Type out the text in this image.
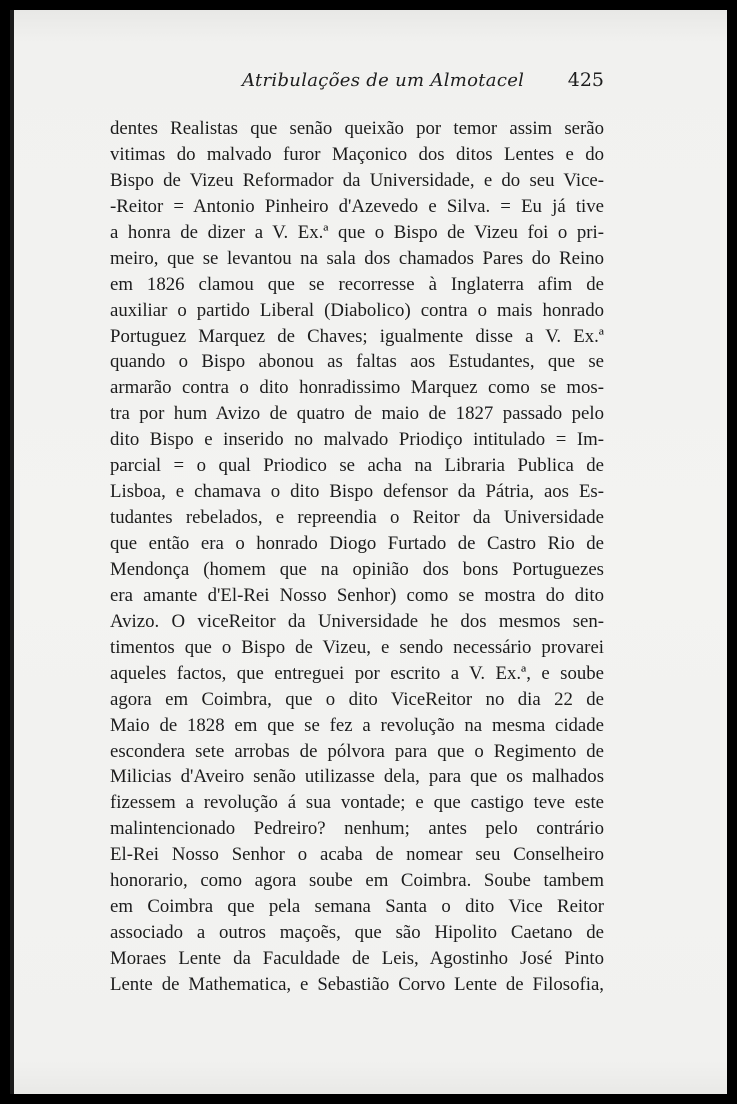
Atribulações de um Almotacel 425
dentes Realistas que senão queixão por temor assim serão
vitimas do malvado furor Maçonico dos ditos Lentes e do
Bispo de Vizeu Reformador da Universidade, e do seu Vice-
-Reitor = Antonio Pinheiro d'Azevedo e Silva. = Eu já tive
a honra de dizer a V. Ex.ª que o Bispo de Vizeu foi o pri-
meiro, que se levantou na sala dos chamados Pares do Reino
em 1826 clamou que se recorresse à Inglaterra afim de
auxiliar o partido Liberal (Diabolico) contra o mais honrado
Portuguez Marquez de Chaves; igualmente disse a V. Ex.ª
quando o Bispo abonou as faltas aos Estudantes, que se
armarão contra o dito honradissimo Marquez como se mos-
tra por hum Avizo de quatro de maio de 1827 passado pelo
dito Bispo e inserido no malvado Priodiço intitulado = Im-
parcial = o qual Priodico se acha na Libraria Publica de
Lisboa, e chamava o dito Bispo defensor da Pátria, aos Es-
tudantes rebelados, e repreendia o Reitor da Universidade
que então era o honrado Diogo Furtado de Castro Rio de
Mendonça (homem que na opinião dos bons Portuguezes
era amante d'El-Rei Nosso Senhor) como se mostra do dito
Avizo. O viceReitor da Universidade he dos mesmos sen-
timentos que o Bispo de Vizeu, e sendo necessário provarei
aqueles factos, que entreguei por escrito a V. Ex.ª, e soube
agora em Coimbra, que o dito ViceReitor no dia 22 de
Maio de 1828 em que se fez a revolução na mesma cidade
escondera sete arrobas de pólvora para que o Regimento de
Milicias d'Aveiro senão utilizasse dela, para que os malhados
fizessem a revolução á sua vontade; e que castigo teve este
malintencionado Pedreiro? nenhum; antes pelo contrário
El-Rei Nosso Senhor o acaba de nomear seu Conselheiro
honorario, como agora soube em Coimbra. Soube tambem
em Coimbra que pela semana Santa o dito Vice Reitor
associado a outros maçoẽs, que são Hipolito Caetano de
Moraes Lente da Faculdade de Leis, Agostinho José Pinto
Lente de Mathematica, e Sebastião Corvo Lente de Filosofia,
